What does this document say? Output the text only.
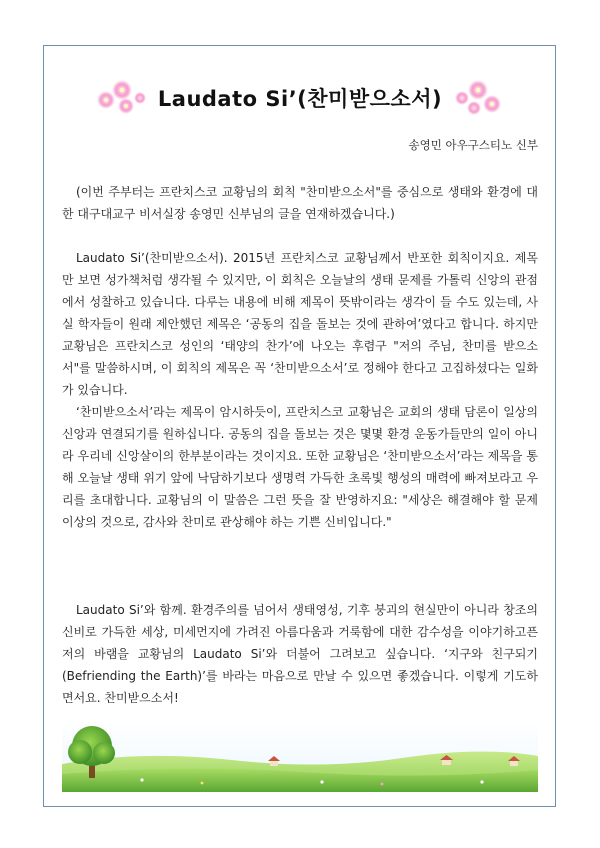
Laudato Si’(찬미받으소서)
송영민 아우구스티노 신부

(이번 주부터는 프란치스코 교황님의 회칙 "찬미받으소서"를 중심으로 생태와 환경에 대한 대구대교구 비서실장 송영민 신부님의 글을 연재하겠습니다.)

Laudato Si’(찬미받으소서). 2015년 프란치스코 교황님께서 반포한 회칙이지요. 제목만 보면 성가책처럼 생각될 수 있지만, 이 회칙은 오늘날의 생태 문제를 가톨릭 신앙의 관점에서 성찰하고 있습니다. 다루는 내용에 비해 제목이 뜻밖이라는 생각이 들 수도 있는데, 사실 학자들이 원래 제안했던 제목은 ‘공동의 집을 돌보는 것에 관하여’였다고 합니다. 하지만 교황님은 프란치스코 성인의 ‘태양의 찬가’에 나오는 후렴구 "저의 주님, 찬미를 받으소서"를 말씀하시며, 이 회칙의 제목은 꼭 ‘찬미받으소서’로 정해야 한다고 고집하셨다는 일화가 있습니다.

‘찬미받으소서’라는 제목이 암시하듯이, 프란치스코 교황님은 교회의 생태 담론이 일상의 신앙과 연결되기를 원하십니다. 공동의 집을 돌보는 것은 몇몇 환경 운동가들만의 일이 아니라 우리네 신앙살이의 한부분이라는 것이지요. 또한 교황님은 ‘찬미받으소서’라는 제목을 통해 오늘날 생태 위기 앞에 낙담하기보다 생명력 가득한 초록빛 행성의 매력에 빠져보라고 우리를 초대합니다. 교황님의 이 말씀은 그런 뜻을 잘 반영하지요: "세상은 해결해야 할 문제 이상의 것으로, 감사와 찬미로 관상해야 하는 기쁜 신비입니다."

Laudato Si’와 함께. 환경주의를 넘어서 생태영성, 기후 붕괴의 현실만이 아니라 창조의 신비로 가득한 세상, 미세먼지에 가려진 아름다움과 거룩함에 대한 감수성을 이야기하고픈 저의 바램을 교황님의 Laudato Si’와 더불어 그려보고 싶습니다. ‘지구와 친구되기(Befriending the Earth)’를 바라는 마음으로 만날 수 있으면 좋겠습니다. 이렇게 기도하면서요. 찬미받으소서!
